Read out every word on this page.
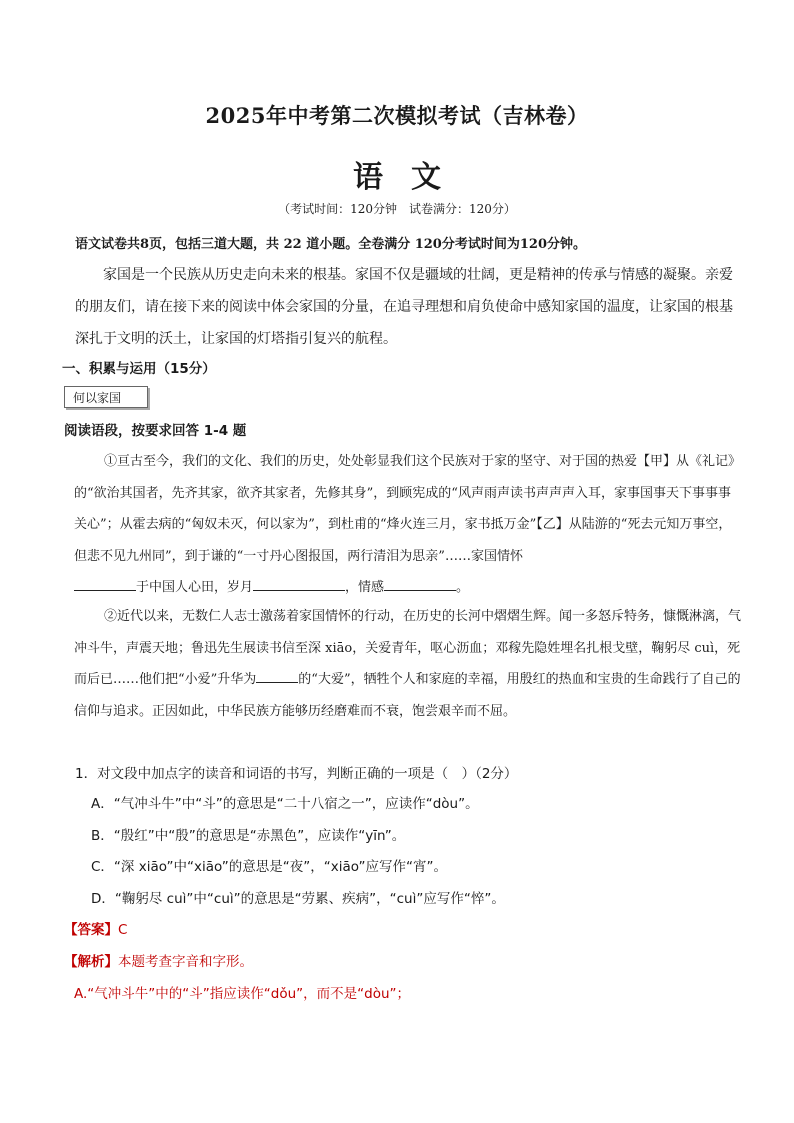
2025年中考第二次模拟考试（吉林卷）
语文
（考试时间：120分钟　试卷满分：120分）
语文试卷共8页，包括三道大题，共 22 道小题。全卷满分 120分考试时间为120分钟。
家国是一个民族从历史走向未来的根基。家国不仅是疆域的壮阔，更是精神的传承与情感的凝聚。亲爱的朋友们，请在接下来的阅读中体会家国的分量，在追寻理想和肩负使命中感知家国的温度，让家国的根基深扎于文明的沃土，让家国的灯塔指引复兴的航程。
一、积累与运用（15分）
何以家国
阅读语段，按要求回答 1-4 题
①亘古至今，我们的文化、我们的历史，处处彰显我们这个民族对于家的坚守、对于国的热爱【甲】从《礼记》的“欲治其国者，先齐其家，欲齐其家者，先修其身”，到顾宪成的“风声雨声读书声声声入耳，家事国事天下事事事关心”；从霍去病的“匈奴未灭，何以家为”，到杜甫的“烽火连三月，家书抵万金”【乙】从陆游的“死去元知万事空，但悲不见九州同”，到于谦的“一寸丹心图报国，两行清泪为思亲”……家国情怀
于中国人心田，岁月	，情感	。
②近代以来，无数仁人志士激荡着家国情怀的行动，在历史的长河中熠熠生辉。闻一多怒斥特务，慷慨淋漓，气冲斗牛，声震天地；鲁迅先生展读书信至深 xiāo，关爱青年，呕心沥血；邓稼先隐姓埋名扎根戈壁，鞠躬尽 cuì，死而后已……他们把“小爱”升华为	的“大爱”，牺牲个人和家庭的幸福，用殷红的热血和宝贵的生命践行了自己的信仰与追求。正因如此，中华民族方能够历经磨难而不衰，饱尝艰辛而不屈。
1．对文段中加点字的读音和词语的书写，判断正确的一项是（　）（2分）
A．“气冲斗牛”中“斗”的意思是“二十八宿之一”，应读作“dòu”。
B．“殷红”中“殷”的意思是“赤黑色”，应读作“yīn”。
C．“深 xiāo”中“xiāo”的意思是“夜”，“xiāo”应写作“宵”。
D．“鞠躬尽 cuì”中“cuì”的意思是“劳累、疾病”，“cuì”应写作“悴”。
【答案】C
【解析】本题考查字音和字形。
A.“气冲斗牛”中的“斗”指应读作“dǒu”，而不是“dòu”；
